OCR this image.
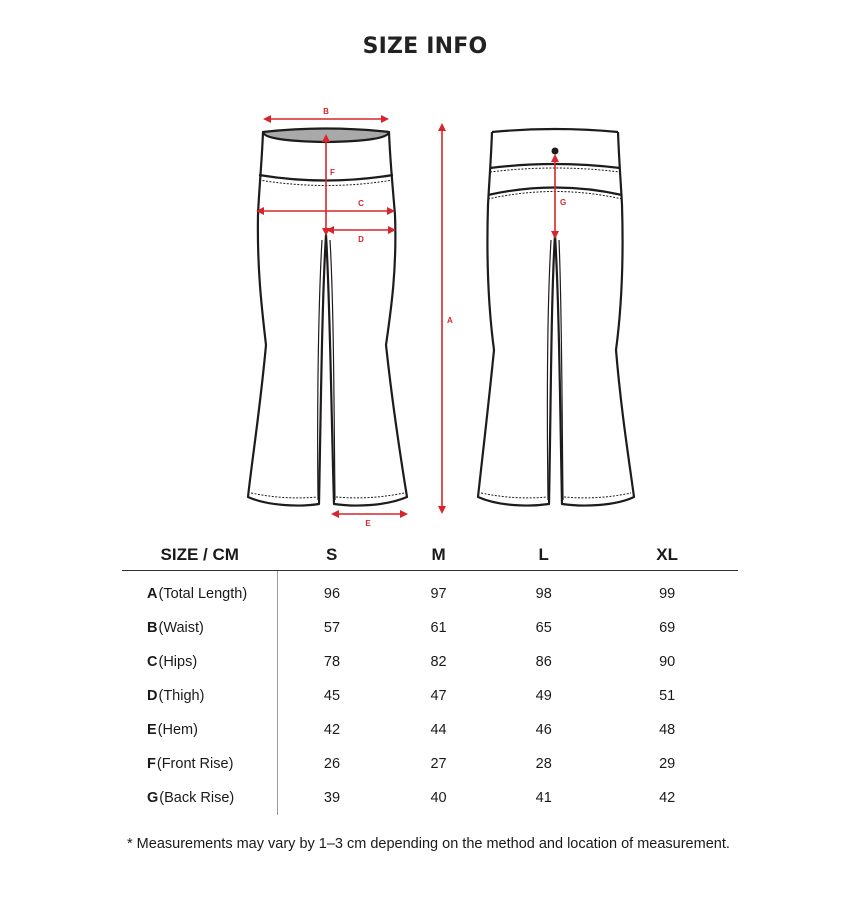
SIZE INFO
B
F
C
D
A
E
G
SIZE / CM	S	M	L	XL
A(Total Length)	96	97	98	99
B(Waist)	57	61	65	69
C(Hips)	78	82	86	90
D(Thigh)	45	47	49	51
E(Hem)	42	44	46	48
F(Front Rise)	26	27	28	29
G(Back Rise)	39	40	41	42
* Measurements may vary by 1–3 cm depending on the method and location of measurement.
